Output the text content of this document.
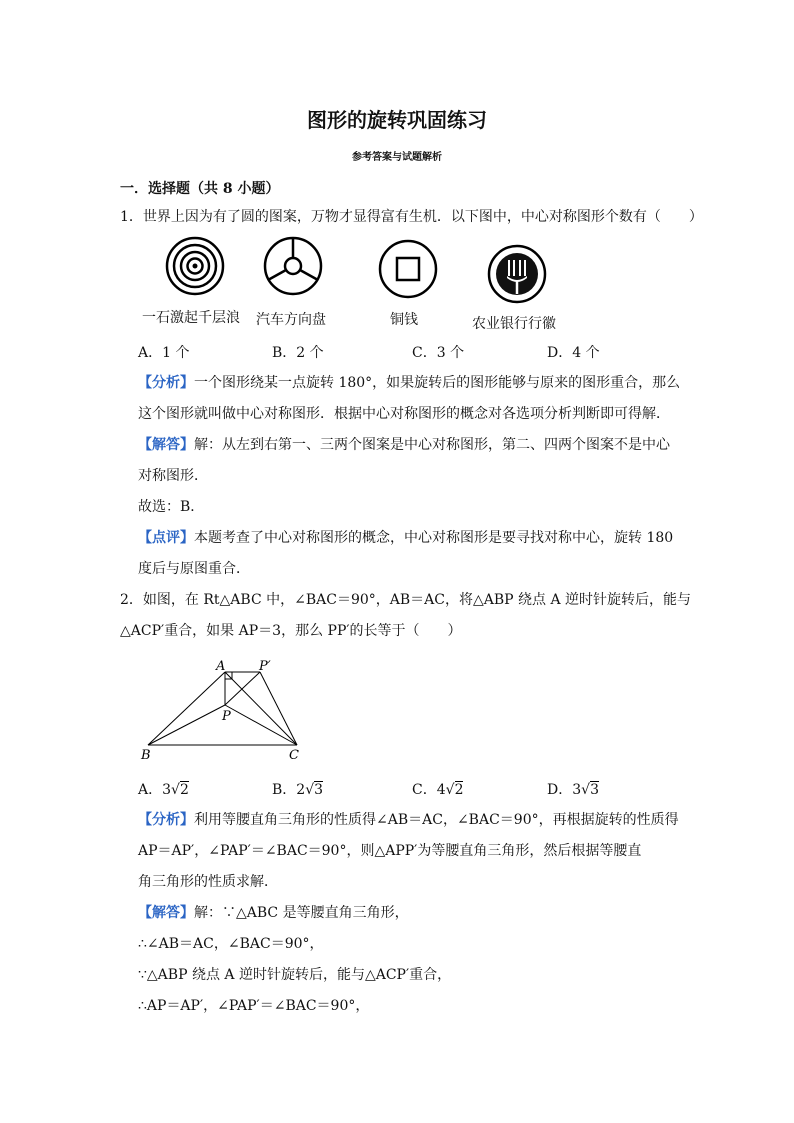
图形的旋转巩固练习
参考答案与试题解析
一．选择题（共 8 小题）
1．世界上因为有了圆的图案，万物才显得富有生机．以下图中，中心对称图形个数有（　　）
一石激起千层浪 汽车方向盘	铜钱	农业银行行徽
A．1 个	B．2 个	C．3 个	D．4 个
【分析】一个图形绕某一点旋转 180°，如果旋转后的图形能够与原来的图形重合，那么
这个图形就叫做中心对称图形．根据中心对称图形的概念对各选项分析判断即可得解．
【解答】解：从左到右第一、三两个图案是中心对称图形，第二、四两个图案不是中心
对称图形．
故选：B．
【点评】本题考查了中心对称图形的概念，中心对称图形是要寻找对称中心，旋转 180
度后与原图重合．
2．如图，在 Rt△ABC 中，∠BAC＝90°，AB＝AC，将△ABP 绕点 A 逆时针旋转后，能与
△ACP′重合，如果 AP＝3，那么 PP′的长等于（　　）
A	P′
P
B	C
A．3√2	B．2√3	C．4√2	D．3√3
【分析】利用等腰直角三角形的性质得∠AB＝AC，∠BAC＝90°，再根据旋转的性质得
AP＝AP′，∠PAP′＝∠BAC＝90°，则△APP′为等腰直角三角形，然后根据等腰直
角三角形的性质求解．
【解答】解：∵△ABC 是等腰直角三角形，
∴∠AB＝AC，∠BAC＝90°，
∵△ABP 绕点 A 逆时针旋转后，能与△ACP′重合，
∴AP＝AP′，∠PAP′＝∠BAC＝90°，
